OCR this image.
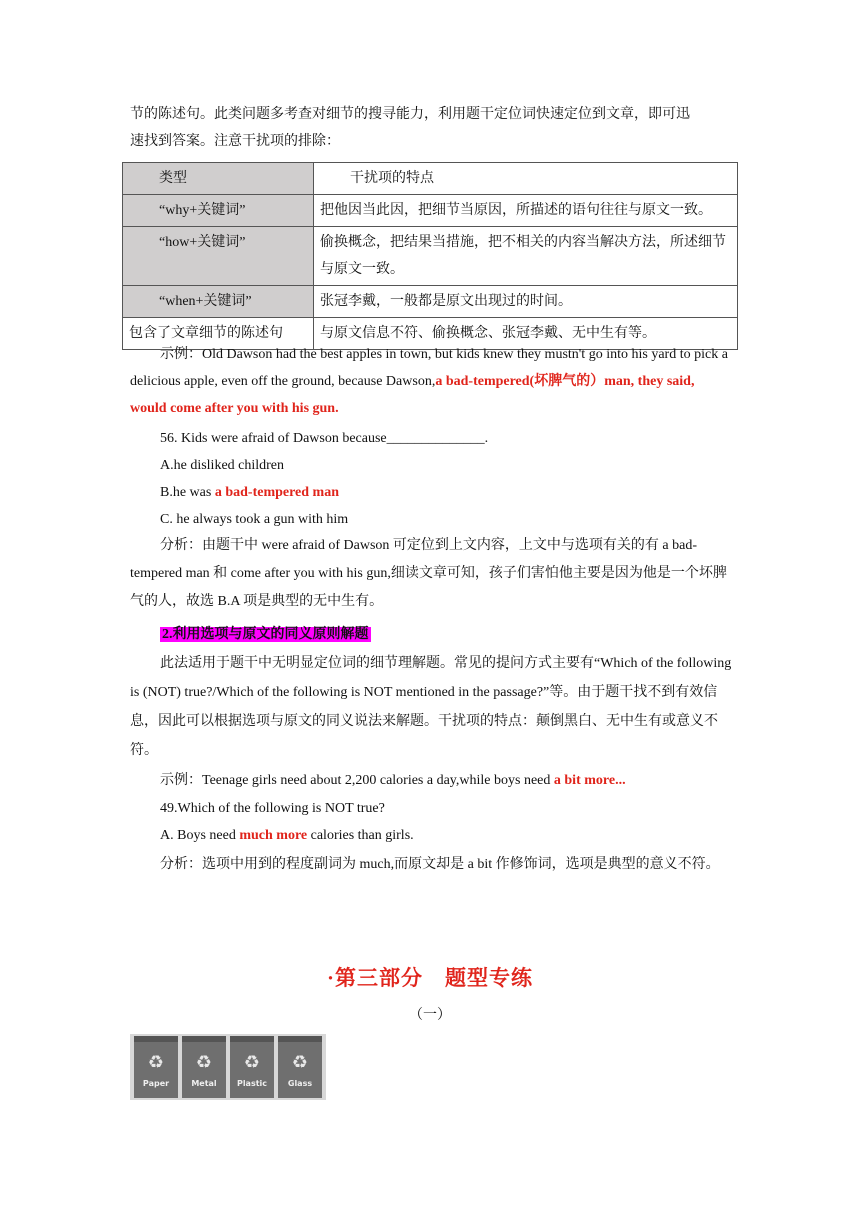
节的陈述句。此类问题多考查对细节的搜寻能力，利用题干定位词快速定位到文章，即可迅
速找到答案。注意干扰项的排除：
类型	干扰项的特点

“why+关键词”	把他因当此因，把细节当原因，所描述的语句往往与原文一致。

“how+关键词”	偷换概念，把结果当措施，把不相关的内容当解决方法，所述细节与原文一致。

“when+关键词”	张冠李戴，一般都是原文出现过的时间。
包含了文章细节的陈述句	与原文信息不符、偷换概念、张冠李戴、无中生有等。
示例：Old Dawson had the best apples in town, but kids knew they mustn't go into his yard to pick a delicious apple, even off the ground, because Dawson,a bad-tempered(坏脾气的）man, they said, would come after you with his gun.
56. Kids were afraid of Dawson because______________.
A.he disliked children
B.he was a bad-tempered man
C. he always took a gun with him
分析：由题干中 were afraid of Dawson 可定位到上文内容，上文中与选项有关的有 a bad-tempered man 和 come after you with his gun,细读文章可知，孩子们害怕他主要是因为他是一个坏脾气的人，故选 B.A 项是典型的无中生有。
2.利用选项与原文的同义原则解题
此法适用于题干中无明显定位词的细节理解题。常见的提问方式主要有“Which of the following is (NOT) true?/Which of the following is NOT mentioned in the passage?”等。由于题干找不到有效信息，因此可以根据选项与原文的同义说法来解题。干扰项的特点：颠倒黑白、无中生有或意义不符。
示例：Teenage girls need about 2,200 calories a day,while boys need a bit more...
49.Which of the following is NOT true?
A. Boys need much more calories than girls.
分析：选项中用到的程度副词为 much,而原文却是 a bit 作修饰词，选项是典型的意义不符。
·第三部分　题型专练
（一）
♻
Paper
♻
Metal
♻
Plastic
♻
Glass
